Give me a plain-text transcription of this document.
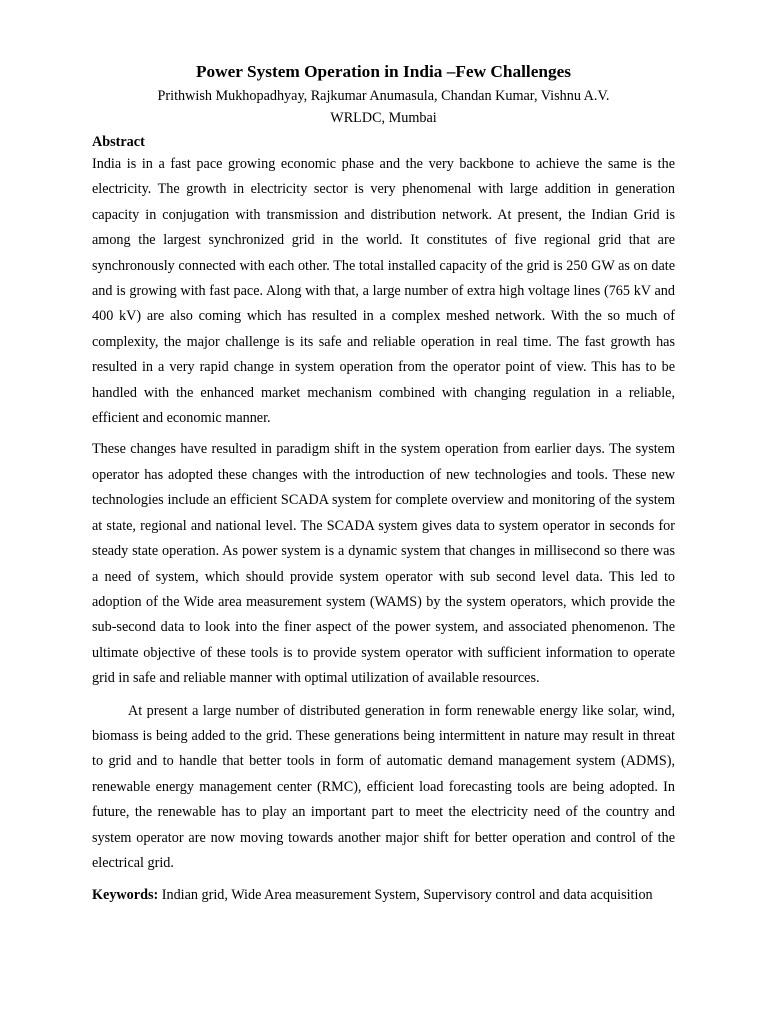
Power System Operation in India –Few Challenges

Prithwish Mukhopadhyay, Rajkumar Anumasula, Chandan Kumar, Vishnu A.V.

WRLDC, Mumbai

Abstract

India is in a fast pace growing economic phase and the very backbone to achieve the same is the electricity. The growth in electricity sector is very phenomenal with large addition in generation capacity in conjugation with transmission and distribution network. At present, the Indian Grid is among the largest synchronized grid in the world. It constitutes of five regional grid that are synchronously connected with each other. The total installed capacity of the grid is 250 GW as on date and is growing with fast pace. Along with that, a large number of extra high voltage lines (765 kV and 400 kV) are also coming which has resulted in a complex meshed network. With the so much of complexity, the major challenge is its safe and reliable operation in real time. The fast growth has resulted in a very rapid change in system operation from the operator point of view. This has to be handled with the enhanced market mechanism combined with changing regulation in a reliable, efficient and economic manner.

These changes have resulted in paradigm shift in the system operation from earlier days. The system operator has adopted these changes with the introduction of new technologies and tools. These new technologies include an efficient SCADA system for complete overview and monitoring of the system at state, regional and national level. The SCADA system gives data to system operator in seconds for steady state operation. As power system is a dynamic system that changes in millisecond so there was a need of system, which should provide system operator with sub second level data. This led to adoption of the Wide area measurement system (WAMS) by the system operators, which provide the sub-second data to look into the finer aspect of the power system, and associated phenomenon. The ultimate objective of these tools is to provide system operator with sufficient information to operate grid in safe and reliable manner with optimal utilization of available resources.

At present a large number of distributed generation in form renewable energy like solar, wind, biomass is being added to the grid. These generations being intermittent in nature may result in threat to grid and to handle that better tools in form of automatic demand management system (ADMS), renewable energy management center (RMC), efficient load forecasting tools are being adopted. In future, the renewable has to play an important part to meet the electricity need of the country and system operator are now moving towards another major shift for better operation and control of the electrical grid.

Keywords: Indian grid, Wide Area measurement System, Supervisory control and data acquisition
